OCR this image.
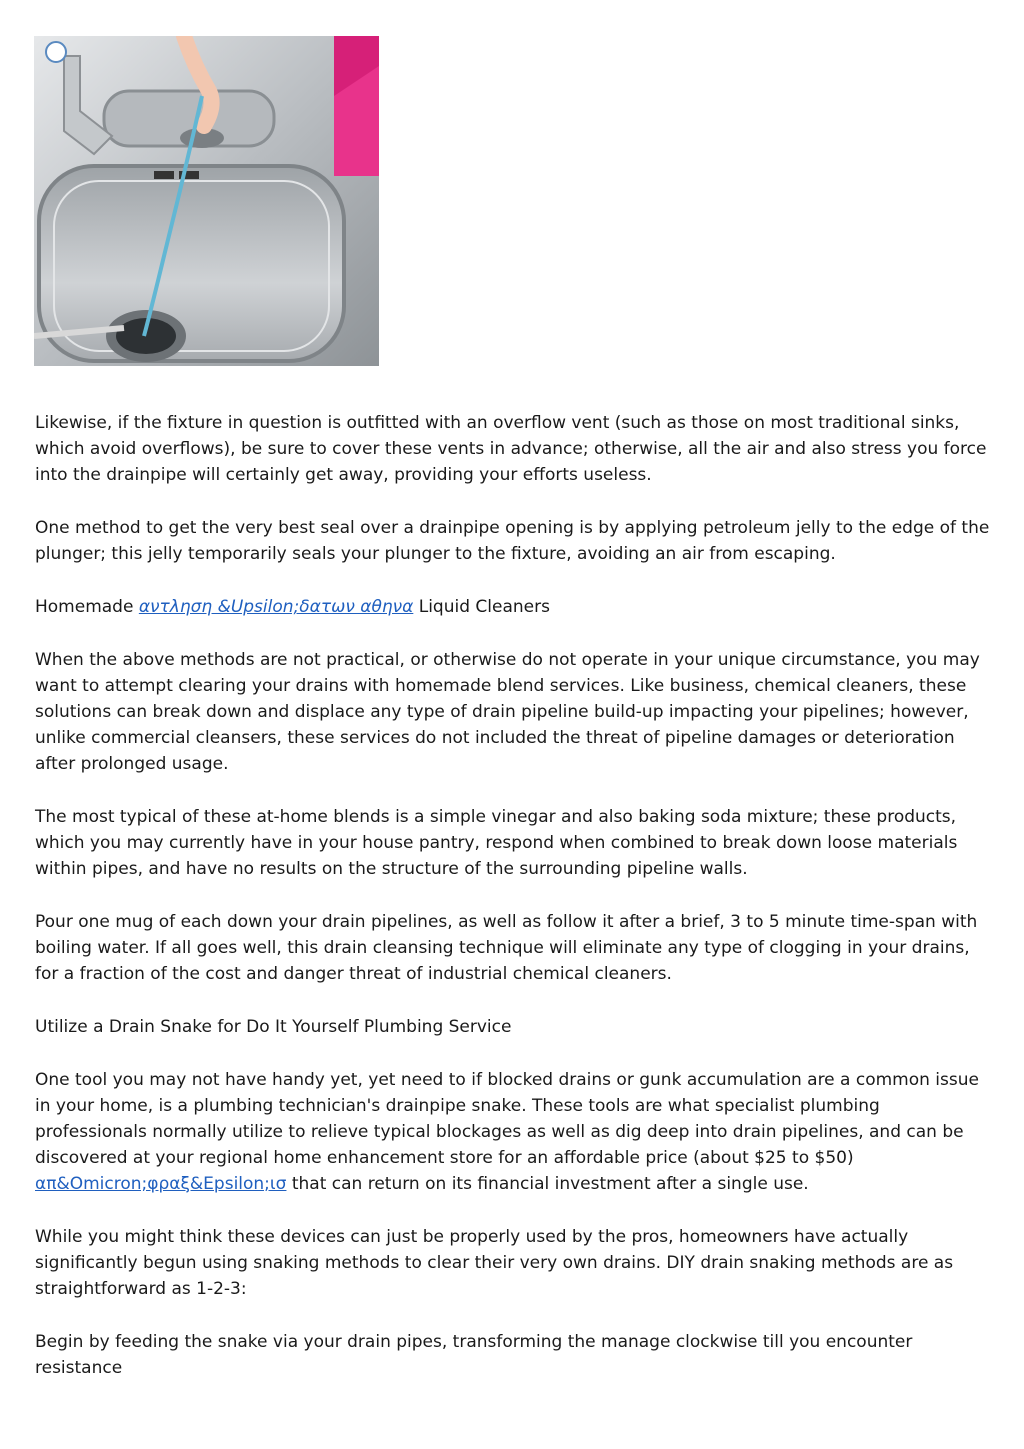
Likewise, if the fixture in question is outfitted with an overflow vent (such as those on most traditional sinks, which avoid overflows), be sure to cover these vents in advance; otherwise, all the air and also stress you force into the drainpipe will certainly get away, providing your efforts useless.

One method to get the very best seal over a drainpipe opening is by applying petroleum jelly to the edge of the plunger; this jelly temporarily seals your plunger to the fixture, avoiding an air from escaping.

Homemade αντληση &Upsilon;δατων αθηνα Liquid Cleaners

When the above methods are not practical, or otherwise do not operate in your unique circumstance, you may want to attempt clearing your drains with homemade blend services. Like business, chemical cleaners, these solutions can break down and displace any type of drain pipeline build-up impacting your pipelines; however, unlike commercial cleansers, these services do not included the threat of pipeline damages or deterioration after prolonged usage.

The most typical of these at-home blends is a simple vinegar and also baking soda mixture; these products, which you may currently have in your house pantry, respond when combined to break down loose materials within pipes, and have no results on the structure of the surrounding pipeline walls.

Pour one mug of each down your drain pipelines, as well as follow it after a brief, 3 to 5 minute time-span with boiling water. If all goes well, this drain cleansing technique will eliminate any type of clogging in your drains, for a fraction of the cost and danger threat of industrial chemical cleaners.

Utilize a Drain Snake for Do It Yourself Plumbing Service

One tool you may not have handy yet, yet need to if blocked drains or gunk accumulation are a common issue in your home, is a plumbing technician's drainpipe snake. These tools are what specialist plumbing professionals normally utilize to relieve typical blockages as well as dig deep into drain pipelines, and can be discovered at your regional home enhancement store for an affordable price (about $25 to $50) απ&Omicron;φραξ&Epsilon;ισ that can return on its financial investment after a single use.

While you might think these devices can just be properly used by the pros, homeowners have actually significantly begun using snaking methods to clear their very own drains. DIY drain snaking methods are as straightforward as 1-2-3:

Begin by feeding the snake via your drain pipes, transforming the manage clockwise till you encounter resistance
